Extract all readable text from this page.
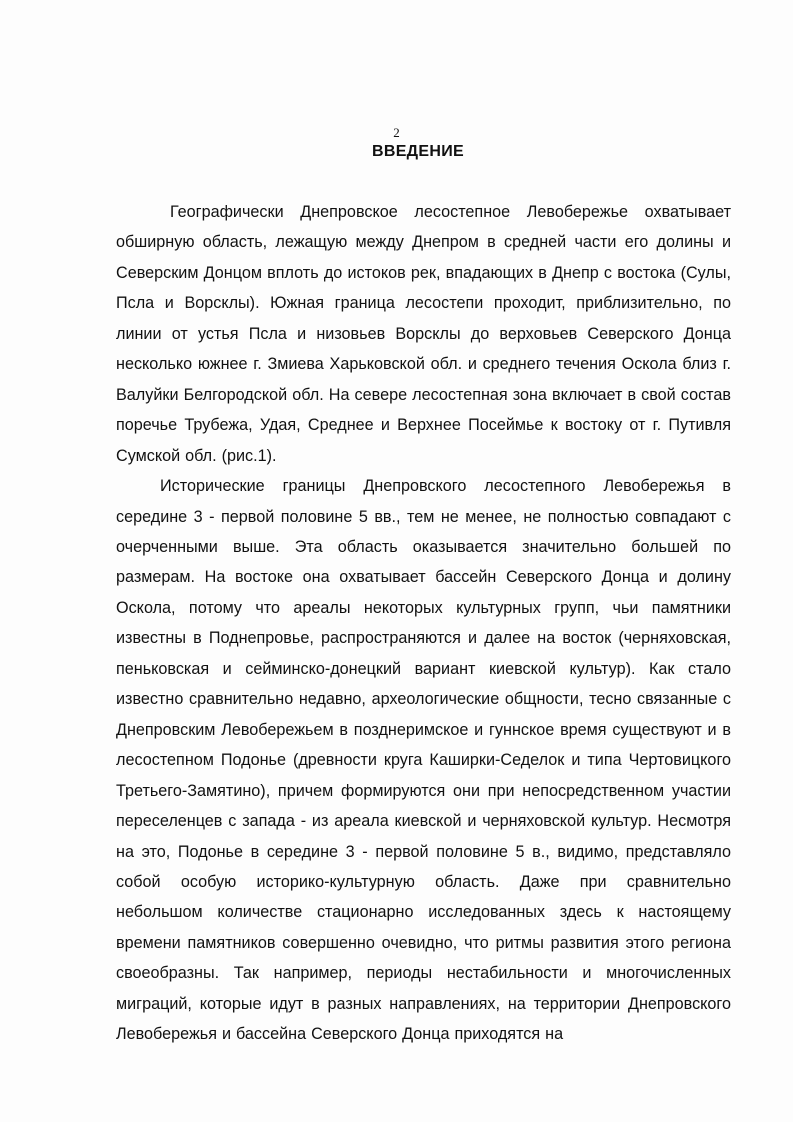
2
ВВЕДЕНИЕ

Географически Днепровское лесостепное Левобережье охватывает обширную область, лежащую между Днепром в средней части его долины и Северским Донцом вплоть до истоков рек, впадающих в Днепр с востока (Сулы, Псла и Ворсклы). Южная граница лесостепи проходит, приблизительно, по линии от устья Псла и низовьев Ворсклы до верховьев Северского Донца несколько южнее г. Змиева Харьковской обл. и среднего течения Оскола близ г. Валуйки Белгородской обл. На севере лесостепная зона включает в свой состав поречье Трубежа, Удая, Среднее и Верхнее Посеймье к востоку от г. Путивля Сумской обл. (рис.1).

Исторические границы Днепровского лесостепного Левобережья в середине 3 - первой половине 5 вв., тем не менее, не полностью совпадают с очерченными выше. Эта область оказывается значительно большей по размерам. На востоке она охватывает бассейн Северского Донца и долину Оскола, потому что ареалы некоторых культурных групп, чьи памятники известны в Поднепровье, распространяются и далее на восток (черняховская, пеньковская и сейминско-донецкий вариант киевской культур). Как стало известно сравнительно недавно, археологические общности, тесно связанные с Днепровским Левобережьем в позднеримское и гуннское время существуют и в лесостепном Подонье (древности круга Каширки-Седелок и типа Чертовицкого Третьего-Замятино), причем формируются они при непосредственном участии переселенцев с запада - из ареала киевской и черняховской культур. Несмотря на это, Подонье в середине 3 - первой половине 5 в., видимо, представляло собой особую историко-культурную область. Даже при сравнительно небольшом количестве стационарно исследованных здесь к настоящему времени памятников совершенно очевидно, что ритмы развития этого региона своеобразны. Так например, периоды нестабильности и многочисленных миграций, которые идут в разных направлениях, на территории Днепровского Левобережья и бассейна Северского Донца приходятся на
